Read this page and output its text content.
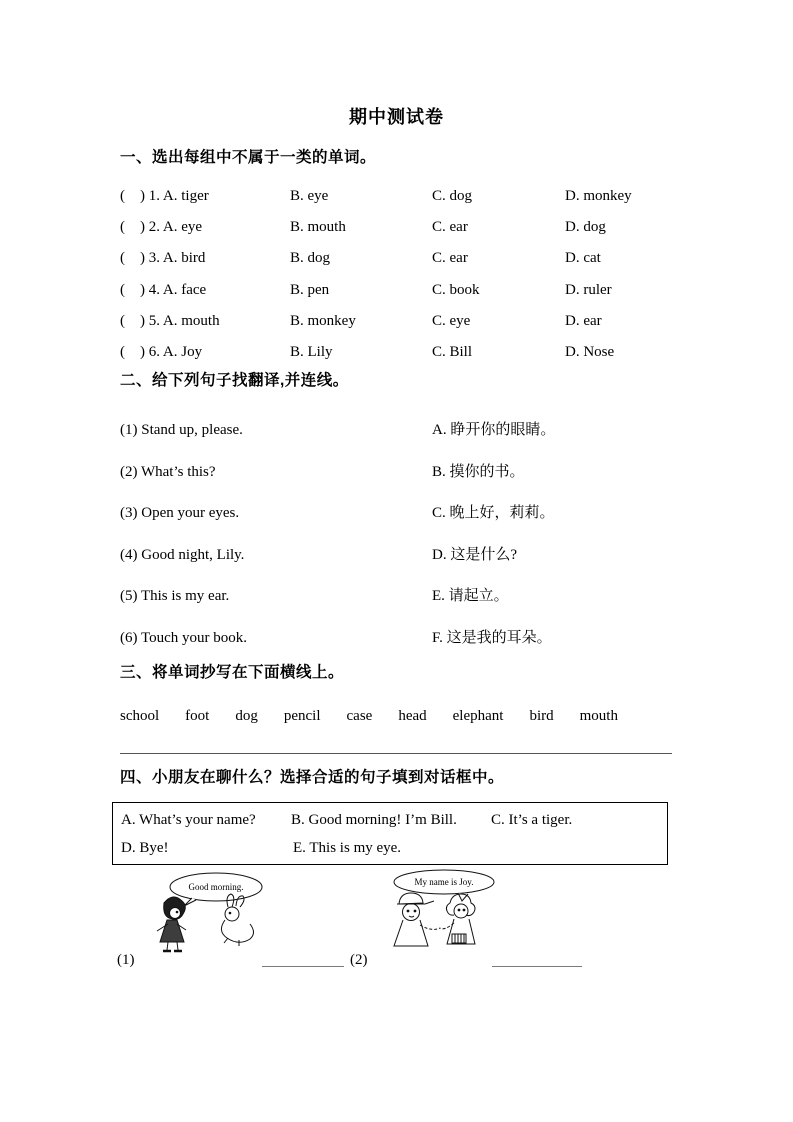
期中测试卷
一、选出每组中不属于一类的单词。
( ) 1. A. tiger	B. eye	C. dog	D. monkey
( ) 2. A. eye	B. mouth	C. ear	D. dog
( ) 3. A. bird	B. dog	C. ear	D. cat
( ) 4. A. face	B. pen	C. book	D. ruler
( ) 5. A. mouth	B. monkey	C. eye	D. ear
( ) 6. A. Joy	B. Lily	C. Bill	D. Nose
二、给下列句子找翻译,并连线。
(1) Stand up, please.	A. 睁开你的眼睛。
(2) What’s this?	B. 摸你的书。
(3) Open your eyes.	C. 晚上好，莉莉。
(4) Good night, Lily.	D. 这是什么?
(5) This is my ear.	E. 请起立。
(6) Touch your book.	F. 这是我的耳朵。
三、将单词抄写在下面横线上。
school foot dog pencil case head elephant bird mouth
四、小朋友在聊什么？选择合适的句子填到对话框中。
A. What’s your name? B. Good morning! I’m Bill. C. It’s a tiger.
D. Bye!	E. This is my eye.
Good morning.	My name is Joy.
(1)	(2)
